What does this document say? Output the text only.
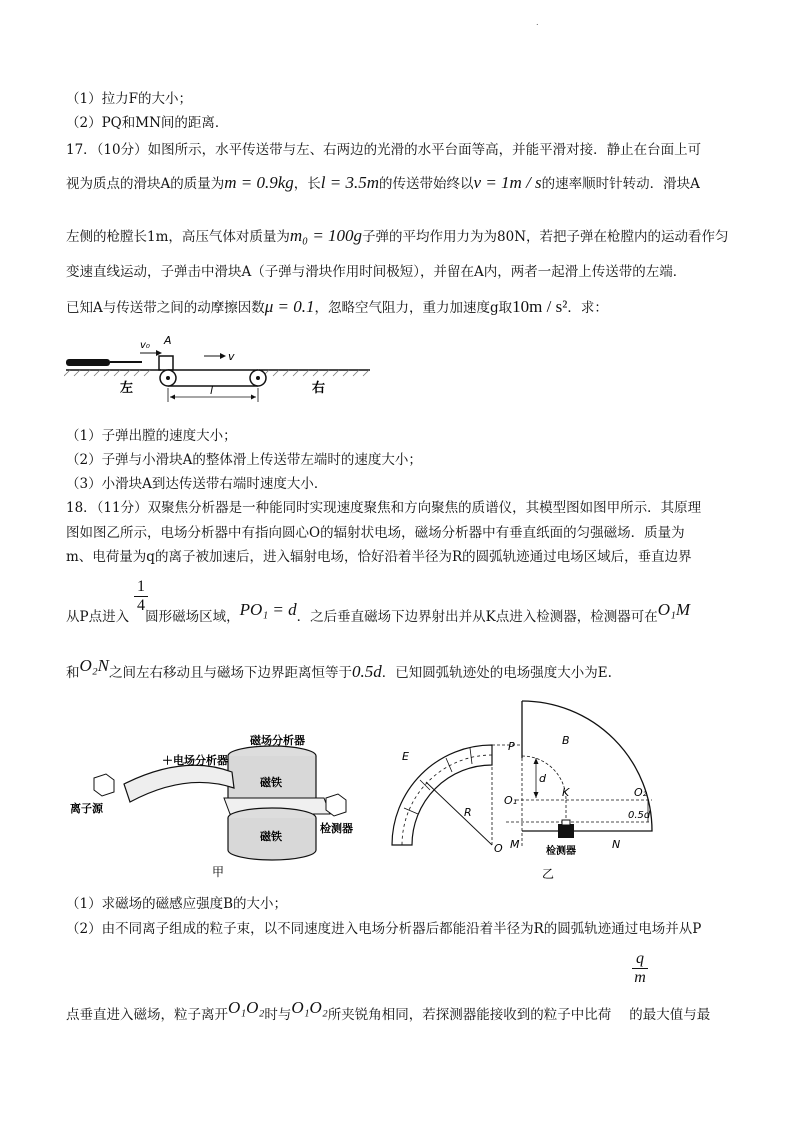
.
（1）拉力F的大小；
（2）PQ和MN间的距离．
17．（10分）如图所示，水平传送带与左、右两边的光滑的水平台面等高，并能平滑对接．静止在台面上可
视为质点的滑块A的质量为m = 0.9kg，长l = 3.5m的传送带始终以v = 1m / s的速率顺时针转动．滑块A
左侧的枪膛长1m，高压气体对质量为m₀ = 100g子弹的平均作用力为为80N，若把子弹在枪膛内的运动看作匀
变速直线运动，子弹击中滑块A（子弹与滑块作用时间极短），并留在A内，两者一起滑上传送带的左端．
已知A与传送带之间的动摩擦因数μ = 0.1，忽略空气阻力，重力加速度g取10m / s²．求：
v₀ A
v
l
左	右
（1）子弹出膛的速度大小；
（2）子弹与小滑块A的整体滑上传送带左端时的速度大小；
（3）小滑块A到达传送带右端时速度大小．
18．（11分）双聚焦分析器是一种能同时实现速度聚焦和方向聚焦的质谱仪，其模型图如图甲所示．其原理
图如图乙所示，电场分析器中有指向圆心O的辐射状电场，磁场分析器中有垂直纸面的匀强磁场．质量为
m、电荷量为q的离子被加速后，进入辐射电场，恰好沿着半径为R的圆弧轨迹通过电场区域后，垂直边界
$\frac{1}{4}$
从P点进入 圆形磁场区域，PO₁ = d．之后垂直磁场下边界射出并从K点进入检测器，检测器可在O₁M
和O₂N之间左右移动且与磁场下边界距离恒等于0.5d．已知圆弧轨迹处的电场强度大小为E.
磁场分析器
磁铁
＋电场分析器
磁铁
离子源
检测器
甲
B
E
R
O
P
d
O₁
K	O₂
0.5d
M	N
检测器
乙
（1）求磁场的磁感应强度B的大小；
（2）由不同离子组成的粒子束，以不同速度进入电场分析器后都能沿着半径为R的圆弧轨迹通过电场并从P
$\frac{q}{m}$
点垂直进入磁场，粒子离开O₁O₂时与O₁O₂所夹锐角相同，若探测器能接收到的粒子中比荷 的最大值与最
